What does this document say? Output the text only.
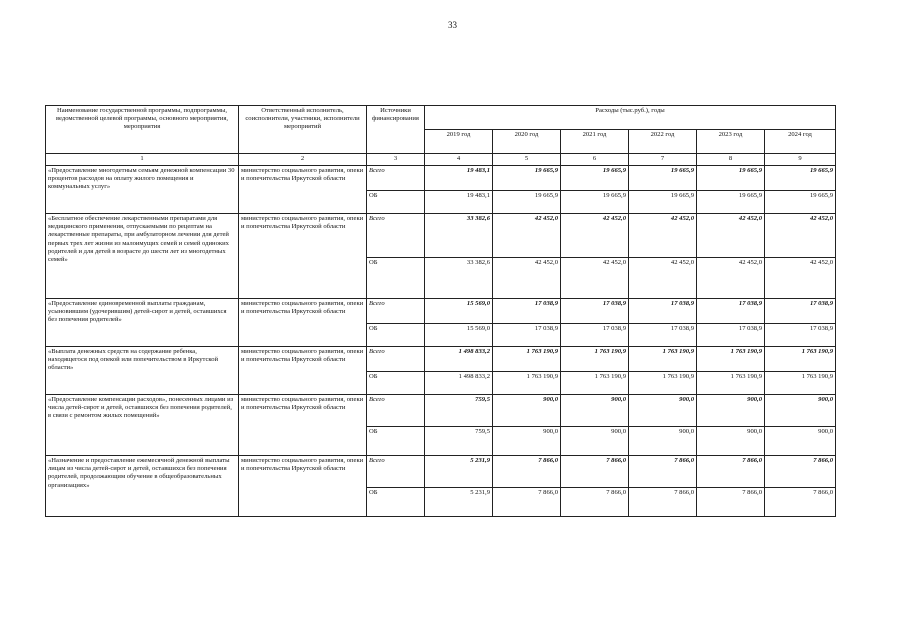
33
Наименование государственной программы, подпрограммы, ведомственной целевой программы, основного мероприятия, мероприятия	Ответственный исполнитель, соисполнители, участники, исполнители мероприятий	Источники финансирования	Расходы (тыс.руб.), годы					
			2019 год	2020 год	2021 год	2022 год	2023 год	2024 год
1	2	3	4	5	6	7	8	9
«Предоставление многодетным семьям денежной компенсации 30 процентов расходов на оплату жилого помещения и коммунальных услуг»	министерство социального развития, опеки и попечительства Иркутской области	Всего	19 483,1	19 665,9	19 665,9	19 665,9	19 665,9	19 665,9
		ОБ	19 483,1	19 665,9	19 665,9	19 665,9	19 665,9	19 665,9
«Бесплатное обеспечение лекарственными препаратами для медицинского применения, отпускаемыми по рецептам на лекарственные препараты, при амбулаторном лечении для детей первых трех лет жизни из малоимущих семей и семей одиноких родителей и для детей в возрасте до шести лет из многодетных семей»	министерство социального развития, опеки и попечительства Иркутской области	Всего	33 382,6	42 452,0	42 452,0	42 452,0	42 452,0	42 452,0
		ОБ	33 382,6	42 452,0	42 452,0	42 452,0	42 452,0	42 452,0
«Предоставление единовременной выплаты гражданам, усыновившим (удочерившим) детей-сирот и детей, оставшихся без попечения родителей»	министерство социального развития, опеки и попечительства Иркутской области	Всего	15 569,0	17 038,9	17 038,9	17 038,9	17 038,9	17 038,9
		ОБ	15 569,0	17 038,9	17 038,9	17 038,9	17 038,9	17 038,9
«Выплата денежных средств на содержание ребенка, находящегося под опекой или попечительством в Иркутской области»	министерство социального развития, опеки и попечительства Иркутской области	Всего	1 498 833,2	1 763 190,9	1 763 190,9	1 763 190,9	1 763 190,9	1 763 190,9
		ОБ	1 498 833,2	1 763 190,9	1 763 190,9	1 763 190,9	1 763 190,9	1 763 190,9
«Предоставление компенсации расходов», понесенных лицами из числа детей-сирот и детей, оставшихся без попечения родителей, в связи с ремонтом жилых помещений»	министерство социального развития, опеки и попечительства Иркутской области	Всего	759,5	900,0	900,0	900,0	900,0	900,0
		ОБ	759,5	900,0	900,0	900,0	900,0	900,0
«Назначение и предоставление ежемесячной денежной выплаты лицам из числа детей-сирот и детей, оставшихся без попечения родителей, продолжающим обучение в общеобразовательных организациях»	министерство социального развития, опеки и попечительства Иркутской области	Всего	5 231,9	7 866,0	7 866,0	7 866,0	7 866,0	7 866,0
		ОБ	5 231,9	7 866,0	7 866,0	7 866,0	7 866,0	7 866,0
